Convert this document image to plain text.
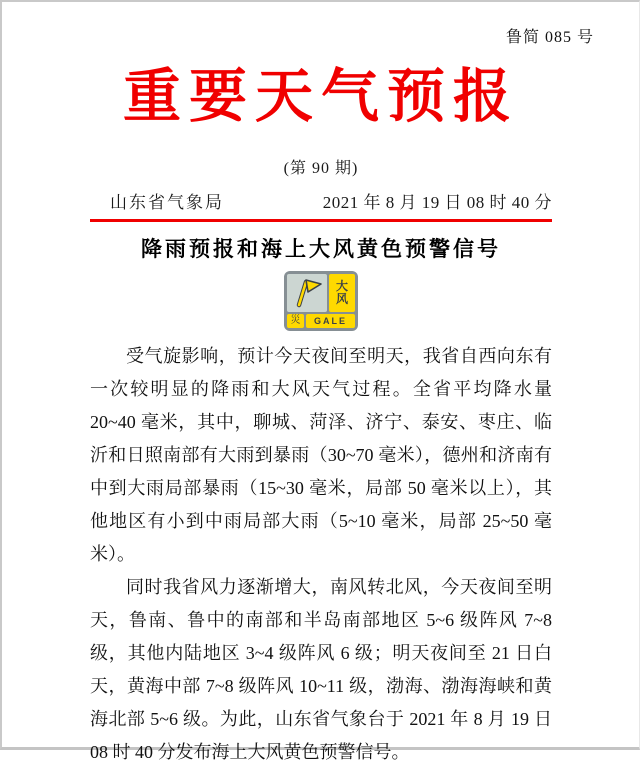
鲁简 085 号
重要天气预报
(第 90 期)
山东省气象局	2021 年 8 月 19 日 08 时 40 分
降雨预报和海上大风黄色预警信号
大
风
災	GALE

受气旋影响，预计今天夜间至明天，我省自西向东有一次较明显的降雨和大风天气过程。全省平均降水量 20~40 毫米，其中，聊城、菏泽、济宁、泰安、枣庄、临沂和日照南部有大雨到暴雨（30~70 毫米），德州和济南有中到大雨局部暴雨（15~30 毫米，局部 50 毫米以上），其他地区有小到中雨局部大雨（5~10 毫米，局部 25~50 毫米）。

同时我省风力逐渐增大，南风转北风，今天夜间至明天，鲁南、鲁中的南部和半岛南部地区 5~6 级阵风 7~8 级，其他内陆地区 3~4 级阵风 6 级；明天夜间至 21 日白天，黄海中部 7~8 级阵风 10~11 级，渤海、渤海海峡和黄海北部 5~6 级。为此，山东省气象台于 2021 年 8 月 19 日 08 时 40 分发布海上大风黄色预警信号。
